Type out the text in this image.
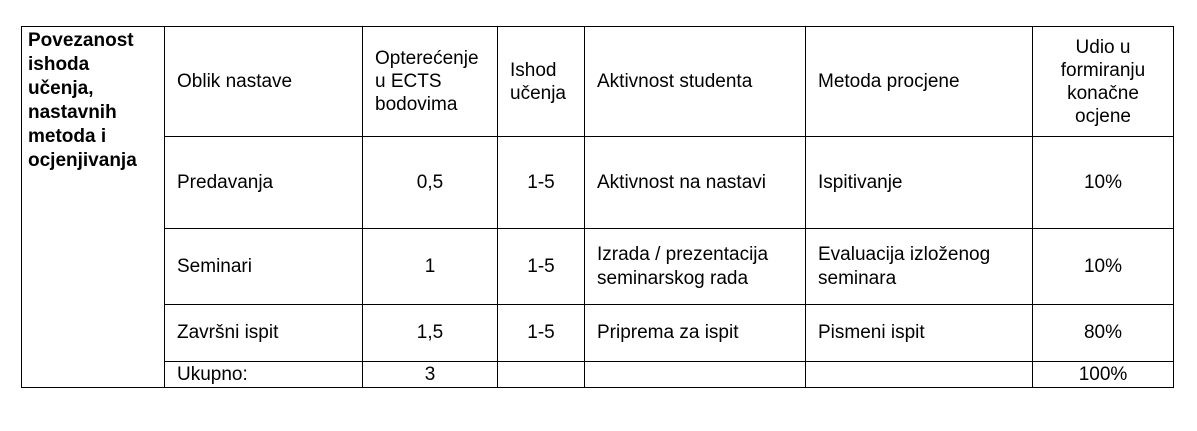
Povezanost ishoda učenja, nastavnih metoda i ocjenjivanja	Oblik nastave	Opterećenje u ECTS bodovima	Ishod učenja	Aktivnost studenta	Metoda procjene	Udio u formiranju konačne ocjene
	Predavanja	0,5	1-5	Aktivnost na nastavi	Ispitivanje	10%
	Seminari	1	1-5	Izrada / prezentacija seminarskog rada	Evaluacija izloženog seminara	10%
	Završni ispit	1,5	1-5	Priprema za ispit	Pismeni ispit	80%
	Ukupno:	3				100%
